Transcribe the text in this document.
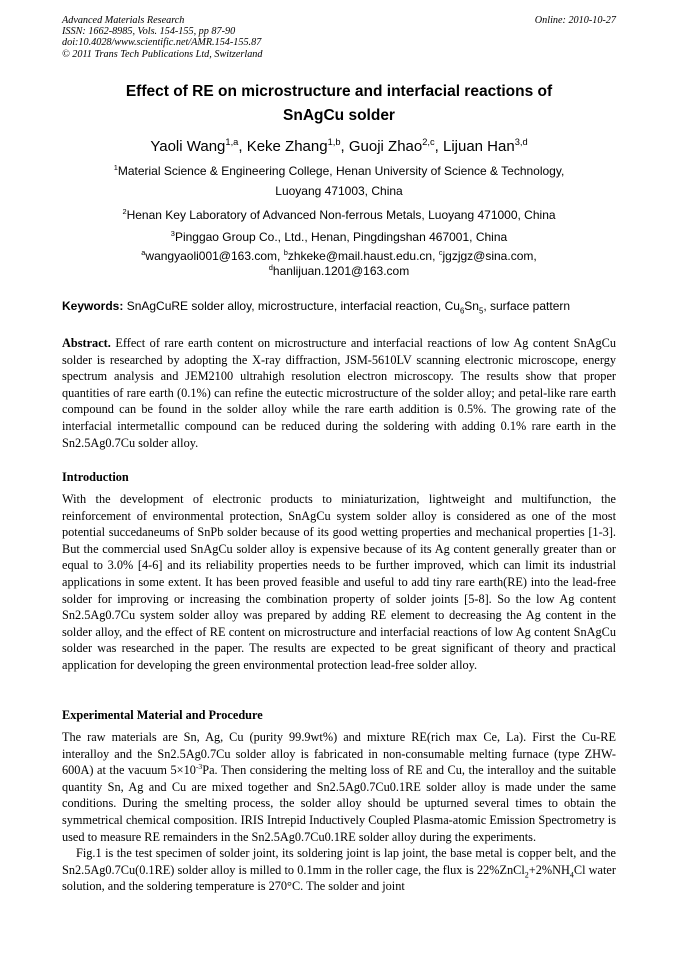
Advanced Materials Research
ISSN: 1662-8985, Vols. 154-155, pp 87-90
doi:10.4028/www.scientific.net/AMR.154-155.87
© 2011 Trans Tech Publications Ltd, Switzerland
Online: 2010-10-27
Effect of RE on microstructure and interfacial reactions of
SnAgCu solder
Yaoli Wang$^{1,a}$, Keke Zhang$^{1,b}$, Guoji Zhao$^{2,c}$, Lijuan Han$^{3,d}$
$^1$Material Science & Engineering College, Henan University of Science & Technology,
Luoyang 471003, China
$^2$Henan Key Laboratory of Advanced Non-ferrous Metals, Luoyang 471000, China
$^3$Pinggao Group Co., Ltd., Henan, Pingdingshan 467001, China
$^a$wangyaoli001@163.com, $^b$zhkeke@mail.haust.edu.cn, $^c$jgzjgz@sina.com,
$^d$hanlijuan.1201@163.com
Keywords: SnAgCuRE solder alloy, microstructure, interfacial reaction, $Cu_6Sn_5$, surface pattern

Abstract. Effect of rare earth content on microstructure and interfacial reactions of low Ag content SnAgCu solder is researched by adopting the X-ray diffraction, JSM-5610LV scanning electronic microscope, energy spectrum analysis and JEM2100 ultrahigh resolution electron microscopy. The results show that proper quantities of rare earth (0.1%) can refine the eutectic microstructure of the solder alloy; and petal-like rare earth compound can be found in the solder alloy while the rare earth addition is 0.5%. The growing rate of the interfacial intermetallic compound can be reduced during the soldering with adding 0.1% rare earth in the Sn2.5Ag0.7Cu solder alloy.

Introduction

With the development of electronic products to miniaturization, lightweight and multifunction, the reinforcement of environmental protection, SnAgCu system solder alloy is considered as one of the most potential succedaneums of SnPb solder because of its good wetting properties and mechanical properties [1-3]. But the commercial used SnAgCu solder alloy is expensive because of its Ag content generally greater than or equal to 3.0% [4-6] and its reliability properties needs to be further improved, which can limit its industrial applications in some extent. It has been proved feasible and useful to add tiny rare earth(RE) into the lead-free solder for improving or increasing the combination property of solder joints [5-8]. So the low Ag content Sn2.5Ag0.7Cu system solder alloy was prepared by adding RE element to decreasing the Ag content in the solder alloy, and the effect of RE content on microstructure and interfacial reactions of low Ag content SnAgCu solder was researched in the paper. The results are expected to be great significant of theory and practical application for developing the green environmental protection lead-free solder alloy.

Experimental Material and Procedure

The raw materials are Sn, Ag, Cu (purity 99.9wt%) and mixture RE(rich max Ce, La). First the Cu-RE interalloy and the Sn2.5Ag0.7Cu solder alloy is fabricated in non-consumable melting furnace (type ZHW-600A) at the vacuum $5\times 10^{-3}Pa$. Then considering the melting loss of RE and Cu, the interalloy and the suitable quantity Sn, Ag and Cu are mixed together and Sn2.5Ag0.7Cu0.1RE solder alloy is made under the same conditions. During the smelting process, the solder alloy should be upturned several times to obtain the symmetrical chemical composition. IRIS Intrepid Inductively Coupled Plasma-atomic Emission Spectrometry is used to measure RE remainders in the Sn2.5Ag0.7Cu0.1RE solder alloy during the experiments.

Fig.1 is the test specimen of solder joint, its soldering joint is lap joint, the base metal is copper belt, and the Sn2.5Ag0.7Cu(0.1RE) solder alloy is milled to 0.1mm in the roller cage, the flux is $22\%ZnCl_2+2\%NH_4Cl$ water solution, and the soldering temperature is 270°C. The solder and joint
